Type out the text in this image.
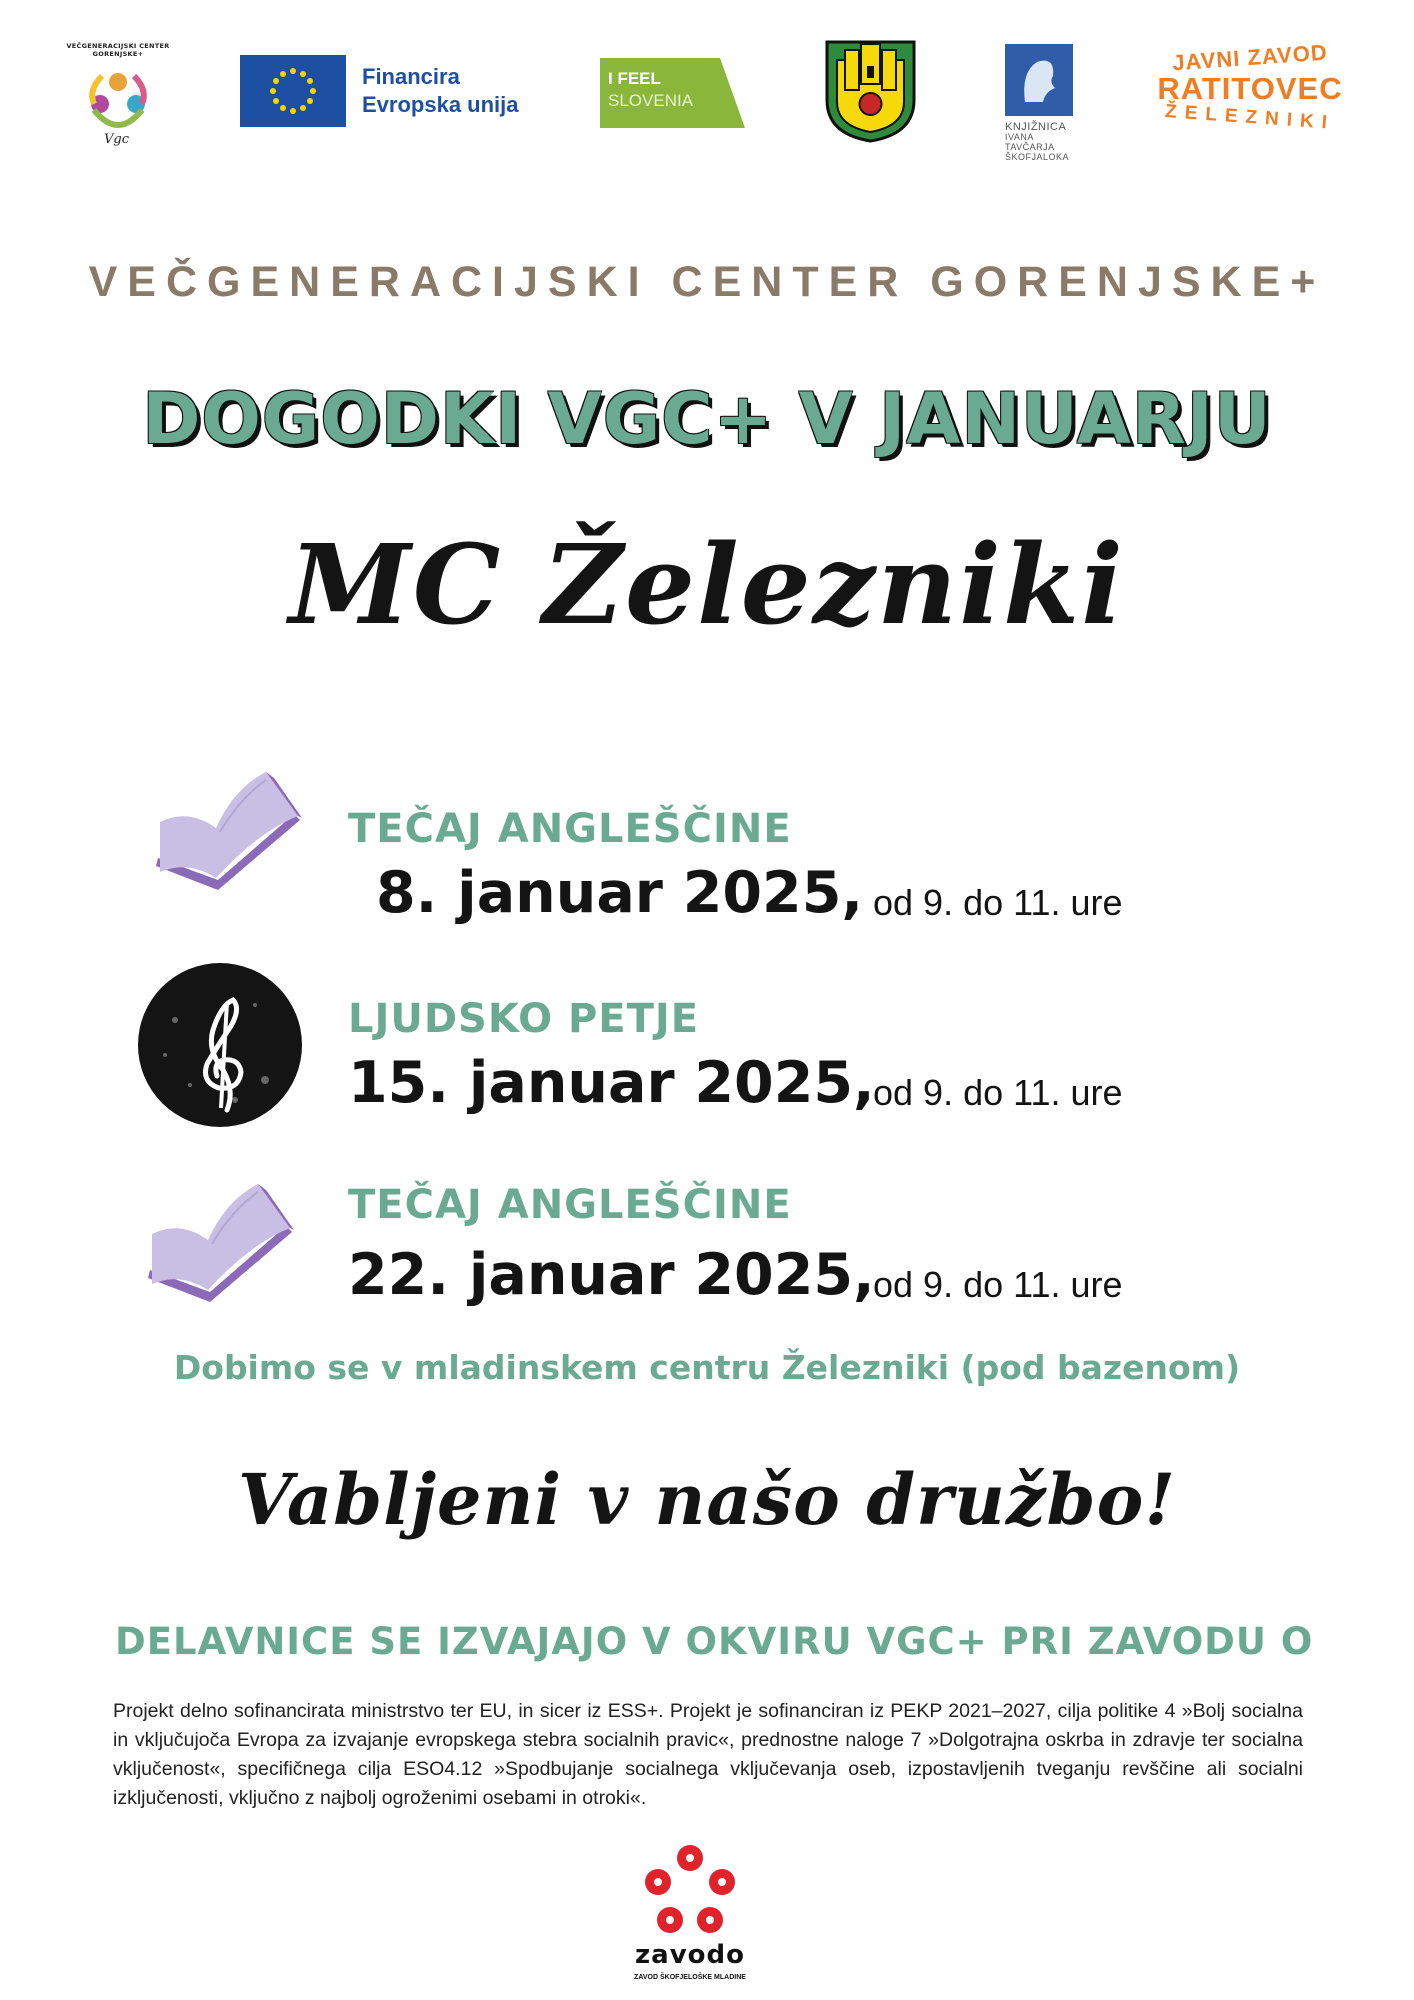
Vgc
VEČGENERACIJSKI CENTER GORENJSKE+
Financira
Evropska unija
I FEEL
SLOVENIA
KNJIŽNICA
IVANA TAVČARJA
ŠKOFJALOKA
JAVNI ZAVOD
RATITOVEC
ŽELEZNIKI
VEČGENERACIJSKI CENTER GORENJSKE+
DOGODKI VGC+ V JANUARJU
MC Železniki
TEČAJ ANGLEŠČINE
8. januar 2025, od 9. do 11. ure
LJUDSKO PETJE
15. januar 2025,
od 9. do 11. ure
TEČAJ ANGLEŠČINE
22. januar 2025,
od 9. do 11. ure
Dobimo se v mladinskem centru Železniki (pod bazenom)
Vabljeni v našo družbo!
DELAVNICE SE IZVAJAJO V OKVIRU VGC+ PRI ZAVODU O
Projekt delno sofinancirata ministrstvo ter EU, in sicer iz ESS+. Projekt je sofinanciran iz PEKP 2021–2027, cilja politike 4 »Bolj socialna in vključujoča Evropa za izvajanje evropskega stebra socialnih pravic«, prednostne naloge 7 »Dolgotrajna oskrba in zdravje ter socialna vključenost«, specifičnega cilja ESO4.12 »Spodbujanje socialnega vključevanja oseb, izpostavljenih tveganju revščine ali socialni izključenosti, vključno z najbolj ogroženimi osebami in otroki«.
zavodo
ZAVOD ŠKOFJELOŠKE MLADINE
